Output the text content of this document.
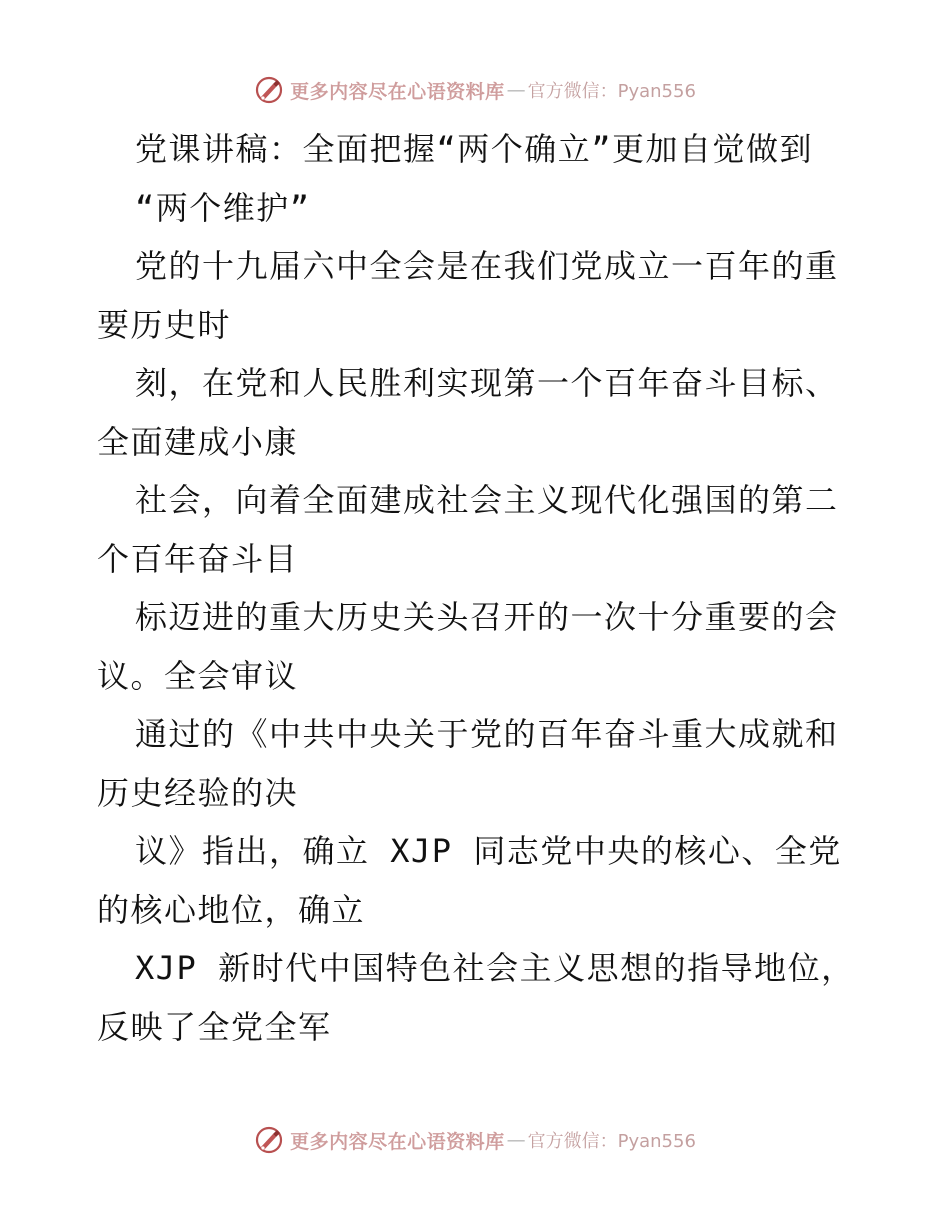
更多内容尽在心语资料库 — 官方微信：Pyan556
党课讲稿：全面把握“两个确立”更加自觉做到
“两个维护”
党的十九届六中全会是在我们党成立一百年的重
要历史时
刻，在党和人民胜利实现第一个百年奋斗目标、
全面建成小康
社会，向着全面建成社会主义现代化强国的第二
个百年奋斗目
标迈进的重大历史关头召开的一次十分重要的会
议。全会审议
通过的《中共中央关于党的百年奋斗重大成就和
历史经验的决
议》指出，确立 XJP 同志党中央的核心、全党
的核心地位，确立
XJP 新时代中国特色社会主义思想的指导地位，
反映了全党全军
更多内容尽在心语资料库 — 官方微信：Pyan556
